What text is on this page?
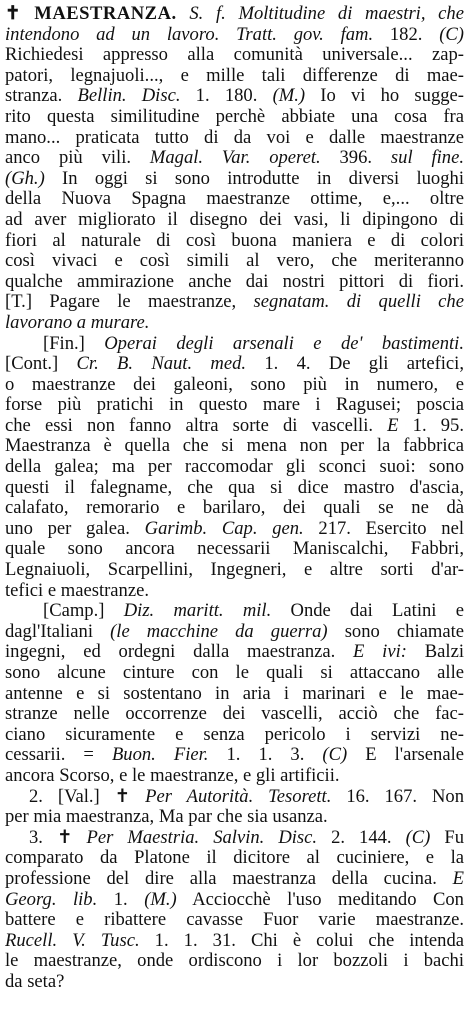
✝ MAESTRANZA. S. f. Moltitudine di maestri, che
intendono ad un lavoro. Tratt. gov. fam. 182. (C)
Richiedesi appresso alla comunità universale... zap-
patori, legnajuoli..., e mille tali differenze di mae-
stranza. Bellin. Disc. 1. 180. (M.) Io vi ho sugge-
rito questa similitudine perchè abbiate una cosa fra
mano... praticata tutto di da voi e dalle maestranze
anco più vili. Magal. Var. operet. 396. sul fine.
(Gh.) In oggi si sono introdutte in diversi luoghi
della Nuova Spagna maestranze ottime, e,... oltre
ad aver migliorato il disegno dei vasi, li dipingono di
fiori al naturale di così buona maniera e di colori
così vivaci e così simili al vero, che meriteranno
qualche ammirazione anche dai nostri pittori di fiori.
[T.] Pagare le maestranze, segnatam. di quelli che
lavorano a murare.
[Fin.] Operai degli arsenali e de' bastimenti.
[Cont.] Cr. B. Naut. med. 1. 4. De gli artefici,
o maestranze dei galeoni, sono più in numero, e
forse più pratichi in questo mare i Ragusei; poscia
che essi non fanno altra sorte di vascelli. E 1. 95.
Maestranza è quella che si mena non per la fabbrica
della galea; ma per raccomodar gli sconci suoi: sono
questi il falegname, che qua si dice mastro d'ascia,
calafato, remorario e barilaro, dei quali se ne dà
uno per galea. Garimb. Cap. gen. 217. Esercito nel
quale sono ancora necessarii Maniscalchi, Fabbri,
Legnaiuoli, Scarpellini, Ingegneri, e altre sorti d'ar-
tefici e maestranze.
[Camp.] Diz. maritt. mil. Onde dai Latini e
dagl'Italiani (le macchine da guerra) sono chiamate
ingegni, ed ordegni dalla maestranza. E ivi: Balzi
sono alcune cinture con le quali si attaccano alle
antenne e si sostentano in aria i marinari e le mae-
stranze nelle occorrenze dei vascelli, acciò che fac-
ciano sicuramente e senza pericolo i servizi ne-
cessarii. = Buon. Fier. 1. 1. 3. (C) E l'arsenale
ancora Scorso, e le maestranze, e gli artificii.
2. [Val.] ✝ Per Autorità. Tesorett. 16. 167. Non
per mia maestranza, Ma par che sia usanza.
3. ✝ Per Maestria. Salvin. Disc. 2. 144. (C) Fu
comparato da Platone il dicitore al cuciniere, e la
professione del dire alla maestranza della cucina. E
Georg. lib. 1. (M.) Acciocchè l'uso meditando Con
battere e ribattere cavasse Fuor varie maestranze.
Rucell. V. Tusc. 1. 1. 31. Chi è colui che intenda
le maestranze, onde ordiscono i lor bozzoli i bachi
da seta?
